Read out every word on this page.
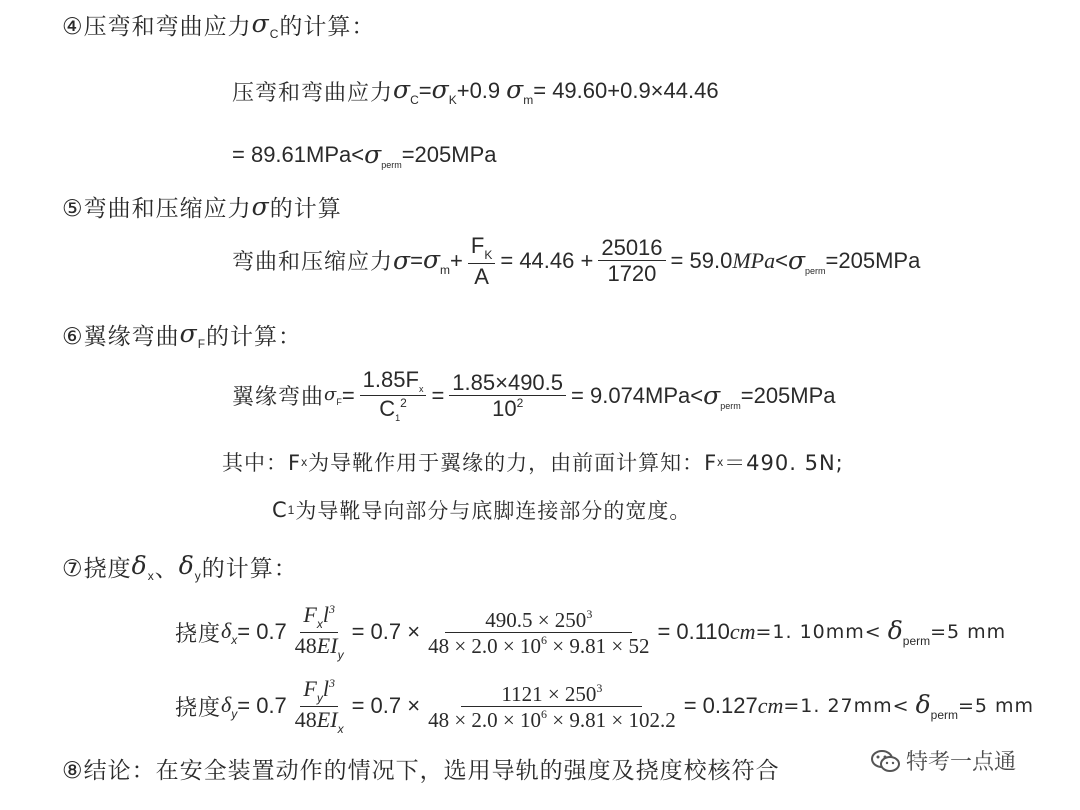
④压弯和弯曲应力 $\sigma_C$ 的计算：
压弯和弯曲应力 $\sigma_C = \sigma_K +0.9$ $\sigma_m = 49.60+0.9\times 44.46$
= $89.61MPa< \sigma_{perm} =205MPa$
⑤弯曲和压缩应力 σ 的计算
弯曲和压缩应力 $\sigma = \sigma_m + \frac{F_K}{A} = 44.46 + \frac{25016}{1720} = 59.0$ MPa < $\sigma_{perm} =205MPa$
⑥翼缘弯曲 $\sigma_F$ 的计算：
翼缘弯曲 $\sigma_F = \frac{1.85F_x}{C_1^2} = \frac{1.85\times 490.5}{10^2} = 9.074MPa< \sigma_{perm} =205MPa$
其中：F x 为导靴作用于翼缘的力，由前面计算知：F x ＝490. 5N;
C 1 为导靴导向部分与底脚连接部分的宽度。
⑦挠度 $\delta_x$ 、 $\delta_y$ 的计算：
挠度 $\delta_x = 0.7 \frac{F_xl^3}{48EI_y} = 0.7 \times \frac{490.5 \times 250^3}{48 \times 2.0 \times 10^6 \times 9.81 \times 52} = 0.110$ cm =1. $10mm< \delta_{perm} =5$ mm
挠度 $\delta_y = 0.7 \frac{F_yl^3}{48EI_x} = 0.7 \times \frac{1121 \times 250^3}{48 \times 2.0 \times 10^6 \times 9.81 \times 102.2} = 0.127$ cm =1. $27mm< \delta_{perm} =5$ mm
⑧结论：在安全装置动作的情况下，选用导轨的强度及挠度校核符合	特考一点通
